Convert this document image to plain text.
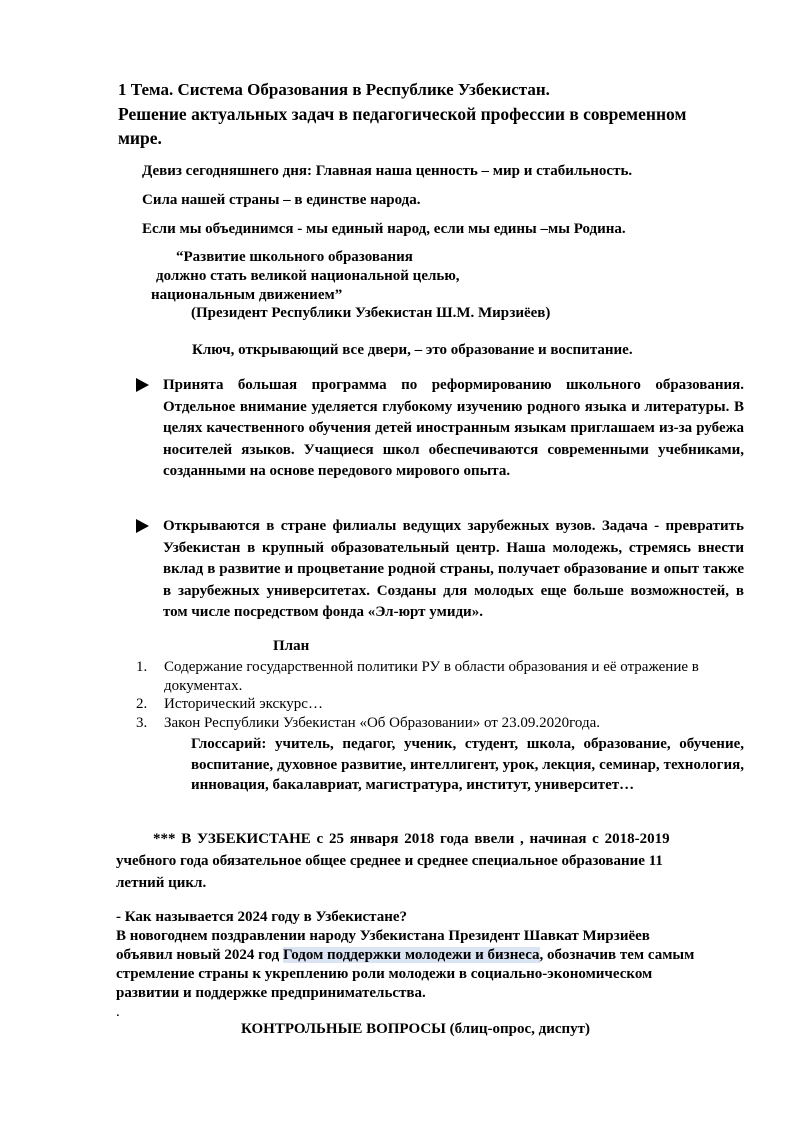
1 Тема. Система Образования в Республике Узбекистан.
Решение актуальных задач в педагогической профессии в современном
мире.
Девиз сегодняшнего дня: Главная наша ценность – мир и стабильность.
Сила нашей страны – в единстве народа.
Если мы объединимся - мы единый народ, если мы едины –мы Родина.
“Развитие школьного образования
должно стать великой национальной целью,
национальным движением”
(Президент Республики Узбекистан Ш.М. Мирзиёев)
Ключ, открывающий все двери, – это образование и воспитание.
Принята большая программа по реформированию школьного образования. Отдельное внимание уделяется глубокому изучению родного языка и литературы. В целях качественного обучения детей иностранным языкам приглашаем из-за рубежа носителей языков. Учащиеся школ обеспечиваются современными учебниками, созданными на основе передового мирового опыта.
Открываются в стране филиалы ведущих зарубежных вузов. Задача - превратить Узбекистан в крупный образовательный центр. Наша молодежь, стремясь внести вклад в развитие и процветание родной страны, получает образование и опыт также в зарубежных университетах. Созданы для молодых еще больше возможностей, в том числе посредством фонда «Эл-юрт умиди».
План
1. Содержание государственной политики РУ в области образования и её отражение в документах.
2. Исторический экскурс…
3. Закон Республики Узбекистан «Об Образовании» от 23.09.2020года.
Глоссарий: учитель, педагог, ученик, студент, школа, образование, обучение, воспитание, духовное развитие, интеллигент, урок, лекция, семинар, технология, инновация, бакалавриат, магистратура, институт, университет…
*** В УЗБЕКИСТАНЕ с 25 января 2018 года ввели , начиная с 2018-2019
учебного года обязательное общее среднее и среднее специальное образование 11
летний цикл.
- Как называется 2024 году в Узбекистане?
В новогоднем поздравлении народу Узбекистана Президент Шавкат Мирзиёев
объявил новый 2024 год Годом поддержки молодежи и бизнеса, обозначив тем самым
стремление страны к укреплению роли молодежи в социально-экономическом
развитии и поддержке предпринимательства.
.
КОНТРОЛЬНЫЕ ВОПРОСЫ (блиц-опрос, диспут)
